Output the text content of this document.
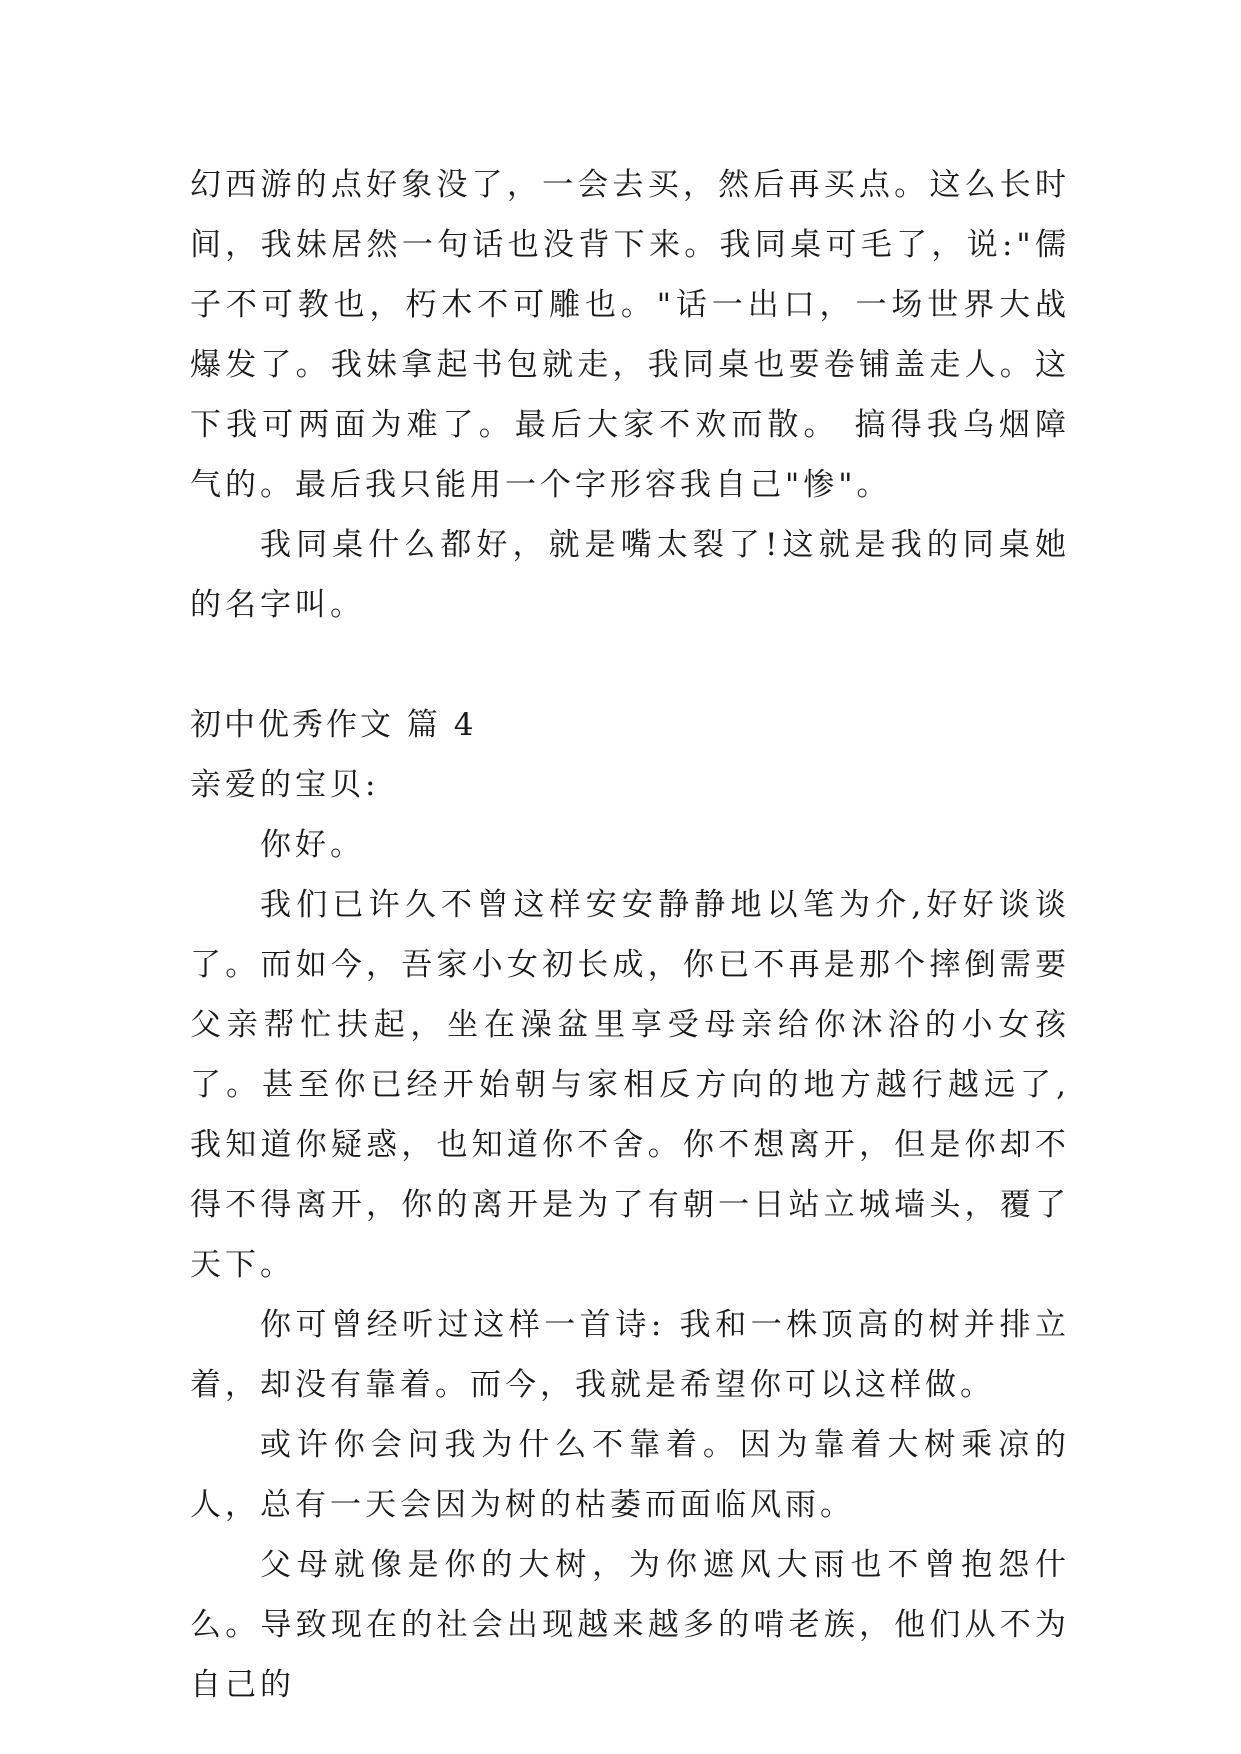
幻西游的点好象没了，一会去买，然后再买点。这么长时间，我妹居然一句话也没背下来。我同桌可毛了，说:"儒子不可教也，朽木不可雕也。"话一出口，一场世界大战爆发了。我妹拿起书包就走，我同桌也要卷铺盖走人。这下我可两面为难了。最后大家不欢而散。 搞得我乌烟障气的。最后我只能用一个字形容我自己"惨"。

我同桌什么都好，就是嘴太裂了!这就是我的同桌她的名字叫。

初中优秀作文 篇 4

亲爱的宝贝:

你好。

我们已许久不曾这样安安静静地以笔为介,好好谈谈了。而如今，吾家小女初长成，你已不再是那个摔倒需要父亲帮忙扶起，坐在澡盆里享受母亲给你沐浴的小女孩了。甚至你已经开始朝与家相反方向的地方越行越远了,我知道你疑惑，也知道你不舍。你不想离开，但是你却不得不得离开，你的离开是为了有朝一日站立城墙头，覆了天下。

你可曾经听过这样一首诗: 我和一株顶高的树并排立着，却没有靠着。而今，我就是希望你可以这样做。

或许你会问我为什么不靠着。因为靠着大树乘凉的人，总有一天会因为树的枯萎而面临风雨。

父母就像是你的大树，为你遮风大雨也不曾抱怨什么。导致现在的社会出现越来越多的啃老族，他们从不为自己的
